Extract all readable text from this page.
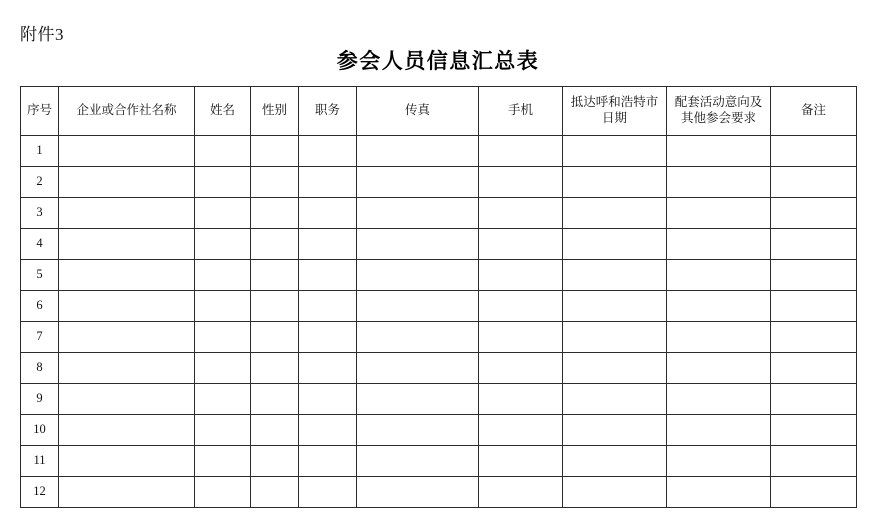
附件3
参会人员信息汇总表
序号	企业或合作社名称	姓名	性别	职务	传真	手机	抵达呼和浩特市日期	配套活动意向及其他参会要求	备注
1									
2									
3									
4									
5									
6									
7									
8									
9									
10									
11									
12									
